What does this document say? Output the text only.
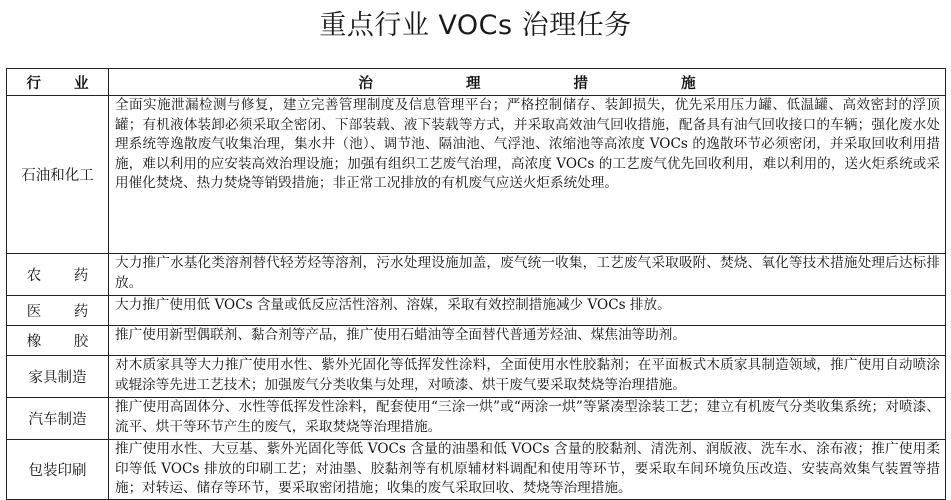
重点行业 VOCs 治理任务
行 业	治 理 措 施
石油和化工	全面实施泄漏检测与修复，建立完善管理制度及信息管理平台；严格控制储存、装卸损失，优先采用压力罐、低温罐、高效密封的浮顶罐；有机液体装卸必须采取全密闭、下部装载、液下装载等方式，并采取高效油气回收措施，配备具有油气回收接口的车辆；强化废水处理系统等逸散废气收集治理，集水井（池）、调节池、隔油池、气浮池、浓缩池等高浓度 VOCs 的逸散环节必须密闭，并采取回收利用措施，难以利用的应安装高效治理设施；加强有组织工艺废气治理，高浓度 VOCs 的工艺废气优先回收利用，难以利用的，送火炬系统或采用催化焚烧、热力焚烧等销毁措施；非正常工况排放的有机废气应送火炬系统处理。
农 药	大力推广水基化类溶剂替代轻芳烃等溶剂，污水处理设施加盖，废气统一收集，工艺废气采取吸附、焚烧、氧化等技术措施处理后达标排放。
医 药	大力推广使用低 VOCs 含量或低反应活性溶剂、溶媒，采取有效控制措施减少 VOCs 排放。
橡 胶	推广使用新型偶联剂、黏合剂等产品，推广使用石蜡油等全面替代普通芳烃油、煤焦油等助剂。
家具制造	对木质家具等大力推广使用水性、紫外光固化等低挥发性涂料，全面使用水性胶黏剂；在平面板式木质家具制造领域，推广使用自动喷涂或辊涂等先进工艺技术；加强废气分类收集与处理，对喷漆、烘干废气要采取焚烧等治理措施。
汽车制造	推广使用高固体分、水性等低挥发性涂料，配套使用“三涂一烘”或“两涂一烘”等紧凑型涂装工艺；建立有机废气分类收集系统；对喷漆、流平、烘干等环节产生的废气，采取焚烧等治理措施。
包装印刷	推广使用水性、大豆基、紫外光固化等低 VOCs 含量的油墨和低 VOCs 含量的胶黏剂、清洗剂、润版液、洗车水、涂布液；推广使用柔印等低 VOCs 排放的印刷工艺；对油墨、胶黏剂等有机原辅材料调配和使用等环节，要采取车间环境负压改造、安装高效集气装置等措施；对转运、储存等环节，要采取密闭措施；收集的废气采取回收、焚烧等治理措施。
